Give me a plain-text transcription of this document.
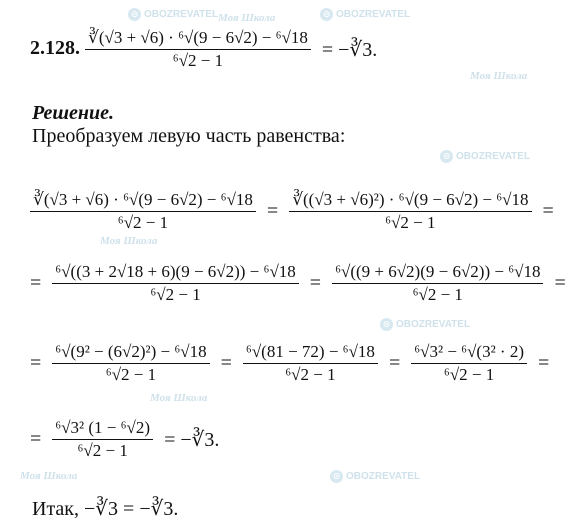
⊙ OBOZREVATEL Моя Школа	⊙ OBOZREVATEL
Моя Школа
⊙ OBOZREVATEL
Моя Школа
⊙ OBOZREVATEL
Моя Школа
⊙ OBOZREVATEL
Моя Школа
2.128. $\frac{\text{∛(√3 + √6) · ⁶√(9 − 6√2) − ⁶√18}}{\text{⁶√2 − 1}}$ = −∛3.
Решение.
Преобразуем левую часть равенства:
$\frac{\text{∛(√3 + √6) · ⁶√(9 − 6√2) − ⁶√18}}{\text{⁶√2 − 1}} = \frac{\text{∛((√3 + √6)²) · ⁶√(9 − 6√2) − ⁶√18}}{\text{⁶√2 − 1}}$ =
= $\frac{\text{⁶√((3 + 2√18 + 6)(9 − 6√2)) − ⁶√18}}{\text{⁶√2 − 1}} = \frac{\text{⁶√((9 + 6√2)(9 − 6√2)) − ⁶√18}}{\text{⁶√2 − 1}}$ =
= $\frac{\text{⁶√(9² − (6√2)²) − ⁶√18}}{\text{⁶√2 − 1}} = \frac{\text{⁶√(81 − 72) − ⁶√18}}{\text{⁶√2 − 1}} = \frac{\text{⁶√3² − ⁶√(3² · 2)}}{\text{⁶√2 − 1}}$ =
= $\frac{\text{⁶√3² (1 − ⁶√2)}}{\text{⁶√2 − 1}}$ = −∛3.
Итак, −∛3 = −∛3.
